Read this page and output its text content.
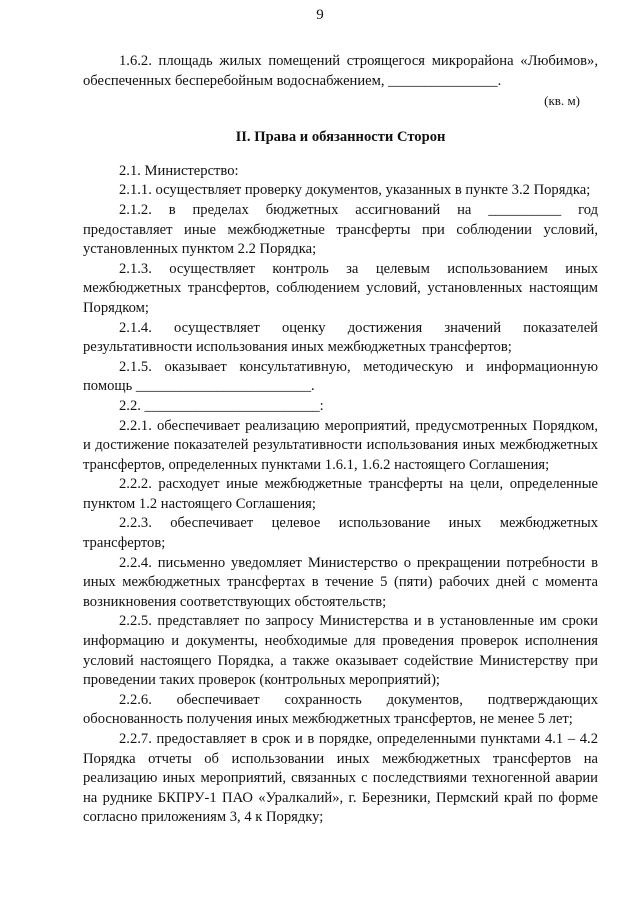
9

1.6.2. площадь жилых помещений строящегося микрорайона «Любимов», обеспеченных бесперебойным водоснабжением, _______________.

(кв. м)

II. Права и обязанности Сторон

2.1. Министерство:

2.1.1. осуществляет проверку документов, указанных в пункте 3.2 Порядка;

2.1.2. в пределах бюджетных ассигнований на __________ год предоставляет иные межбюджетные трансферты при соблюдении условий, установленных пунктом 2.2 Порядка;

2.1.3. осуществляет контроль за целевым использованием иных межбюджетных трансфертов, соблюдением условий, установленных настоящим Порядком;

2.1.4. осуществляет оценку достижения значений показателей результативности использования иных межбюджетных трансфертов;

2.1.5. оказывает консультативную, методическую и информационную помощь ________________________.

2.2. ________________________:

2.2.1. обеспечивает реализацию мероприятий, предусмотренных Порядком, и достижение показателей результативности использования иных межбюджетных трансфертов, определенных пунктами 1.6.1, 1.6.2 настоящего Соглашения;

2.2.2. расходует иные межбюджетные трансферты на цели, определенные пунктом 1.2 настоящего Соглашения;

2.2.3. обеспечивает целевое использование иных межбюджетных трансфертов;

2.2.4. письменно уведомляет Министерство о прекращении потребности в иных межбюджетных трансфертах в течение 5 (пяти) рабочих дней с момента возникновения соответствующих обстоятельств;

2.2.5. представляет по запросу Министерства и в установленные им сроки информацию и документы, необходимые для проведения проверок исполнения условий настоящего Порядка, а также оказывает содействие Министерству при проведении таких проверок (контрольных мероприятий);

2.2.6. обеспечивает сохранность документов, подтверждающих обоснованность получения иных межбюджетных трансфертов, не менее 5 лет;

2.2.7. предоставляет в срок и в порядке, определенными пунктами 4.1 – 4.2 Порядка отчеты об использовании иных межбюджетных трансфертов на реализацию иных мероприятий, связанных с последствиями техногенной аварии на руднике БКПРУ-1 ПАО «Уралкалий», г. Березники, Пермский край по форме согласно приложениям 3, 4 к Порядку;
